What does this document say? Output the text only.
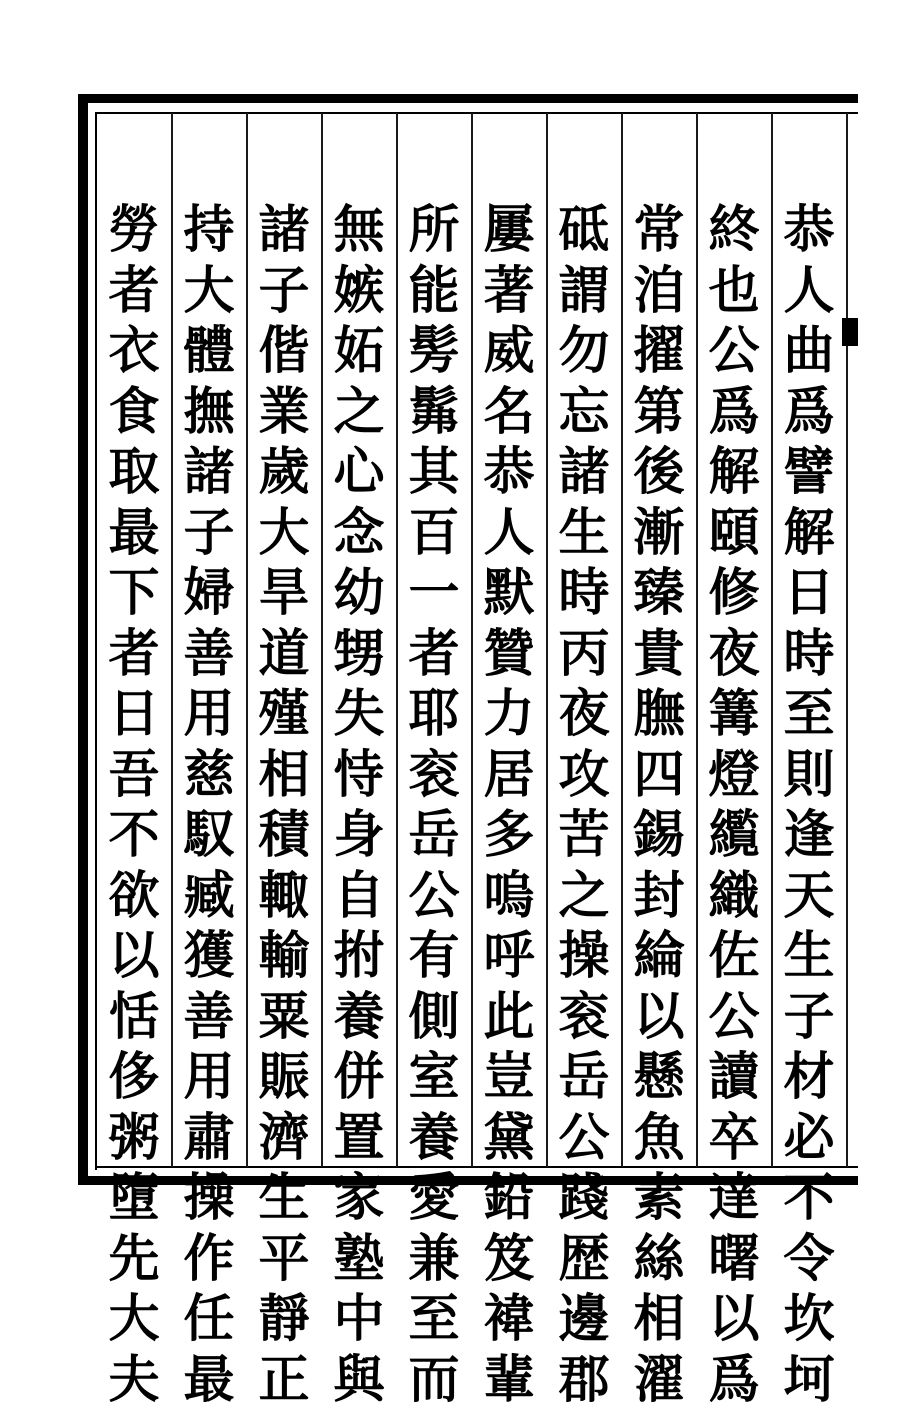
恭
人
曲
爲
譬
解
日
時
至
則
逢
天
生
子
材
必
不
令
坎
坷
終
也
公
爲
解
頤
修
夜
篝
燈
䌫
織
佐
公
讀
卒
達
曙
以
爲
常
洎
擢
第
後
漸
臻
貴
膴
四
錫
封
綸
以
懸
魚
素
絲
相
濯
砥
謂
勿
忘
諸
生
時
丙
夜
攻
苦
之
操
衮
岳
公
踐
歴
邊
郡
屢
著
威
名
恭
人
默
贊
力
居
多
嗚
呼
此
豈
黛
鉛
笈
褘
輩
所
能
髣
髴
其
百
一
者
耶
衮
岳
公
有
側
室
養
愛
兼
至
而
無
嫉
妬
之
心
念
幼
甥
失
恃
身
自
拊
養
併
置
家
塾
中
與
諸
子
偕
業
歲
大
旱
道
殣
相
積
輙
輸
粟
賑
濟
生
平
靜
正
持
大
體
撫
諸
子
婦
善
用
慈
馭
臧
獲
善
用
肅
操
作
任
最
勞
者
衣
食
取
最
下
者
日
吾
不
欲
以
恬
侈
粥
墮
先
大
夫
